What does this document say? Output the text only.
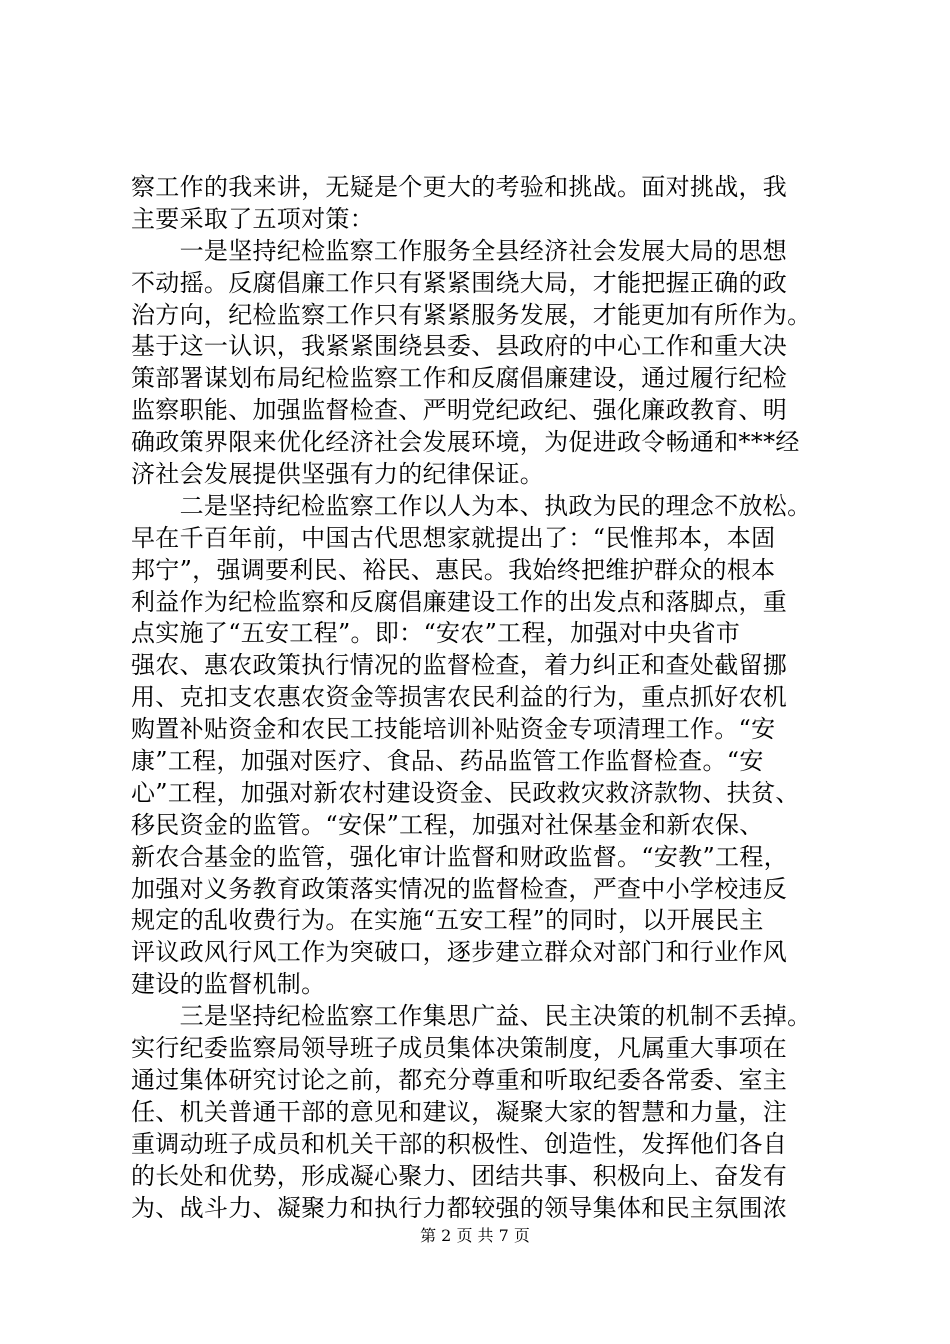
察工作的我来讲，无疑是个更大的考验和挑战。面对挑战，我
主要采取了五项对策：
　　一是坚持纪检监察工作服务全县经济社会发展大局的思想
不动摇。反腐倡廉工作只有紧紧围绕大局，才能把握正确的政
治方向，纪检监察工作只有紧紧服务发展，才能更加有所作为。
基于这一认识，我紧紧围绕县委、县政府的中心工作和重大决
策部署谋划布局纪检监察工作和反腐倡廉建设，通过履行纪检
监察职能、加强监督检查、严明党纪政纪、强化廉政教育、明
确政策界限来优化经济社会发展环境，为促进政令畅通和***经
济社会发展提供坚强有力的纪律保证。
　　二是坚持纪检监察工作以人为本、执政为民的理念不放松。
早在千百年前，中国古代思想家就提出了：“民惟邦本，本固
邦宁”，强调要利民、裕民、惠民。我始终把维护群众的根本
利益作为纪检监察和反腐倡廉建设工作的出发点和落脚点，重
点实施了“五安工程”。即：“安农”工程，加强对中央省市
强农、惠农政策执行情况的监督检查，着力纠正和查处截留挪
用、克扣支农惠农资金等损害农民利益的行为，重点抓好农机
购置补贴资金和农民工技能培训补贴资金专项清理工作。“安
康”工程，加强对医疗、食品、药品监管工作监督检查。“安
心”工程，加强对新农村建设资金、民政救灾救济款物、扶贫、
移民资金的监管。“安保”工程，加强对社保基金和新农保、
新农合基金的监管，强化审计监督和财政监督。“安教”工程，
加强对义务教育政策落实情况的监督检查，严查中小学校违反
规定的乱收费行为。在实施“五安工程”的同时，以开展民主
评议政风行风工作为突破口，逐步建立群众对部门和行业作风
建设的监督机制。
　　三是坚持纪检监察工作集思广益、民主决策的机制不丢掉。
实行纪委监察局领导班子成员集体决策制度，凡属重大事项在
通过集体研究讨论之前，都充分尊重和听取纪委各常委、室主
任、机关普通干部的意见和建议，凝聚大家的智慧和力量，注
重调动班子成员和机关干部的积极性、创造性，发挥他们各自
的长处和优势，形成凝心聚力、团结共事、积极向上、奋发有
为、战斗力、凝聚力和执行力都较强的领导集体和民主氛围浓
第 2 页 共 7 页
